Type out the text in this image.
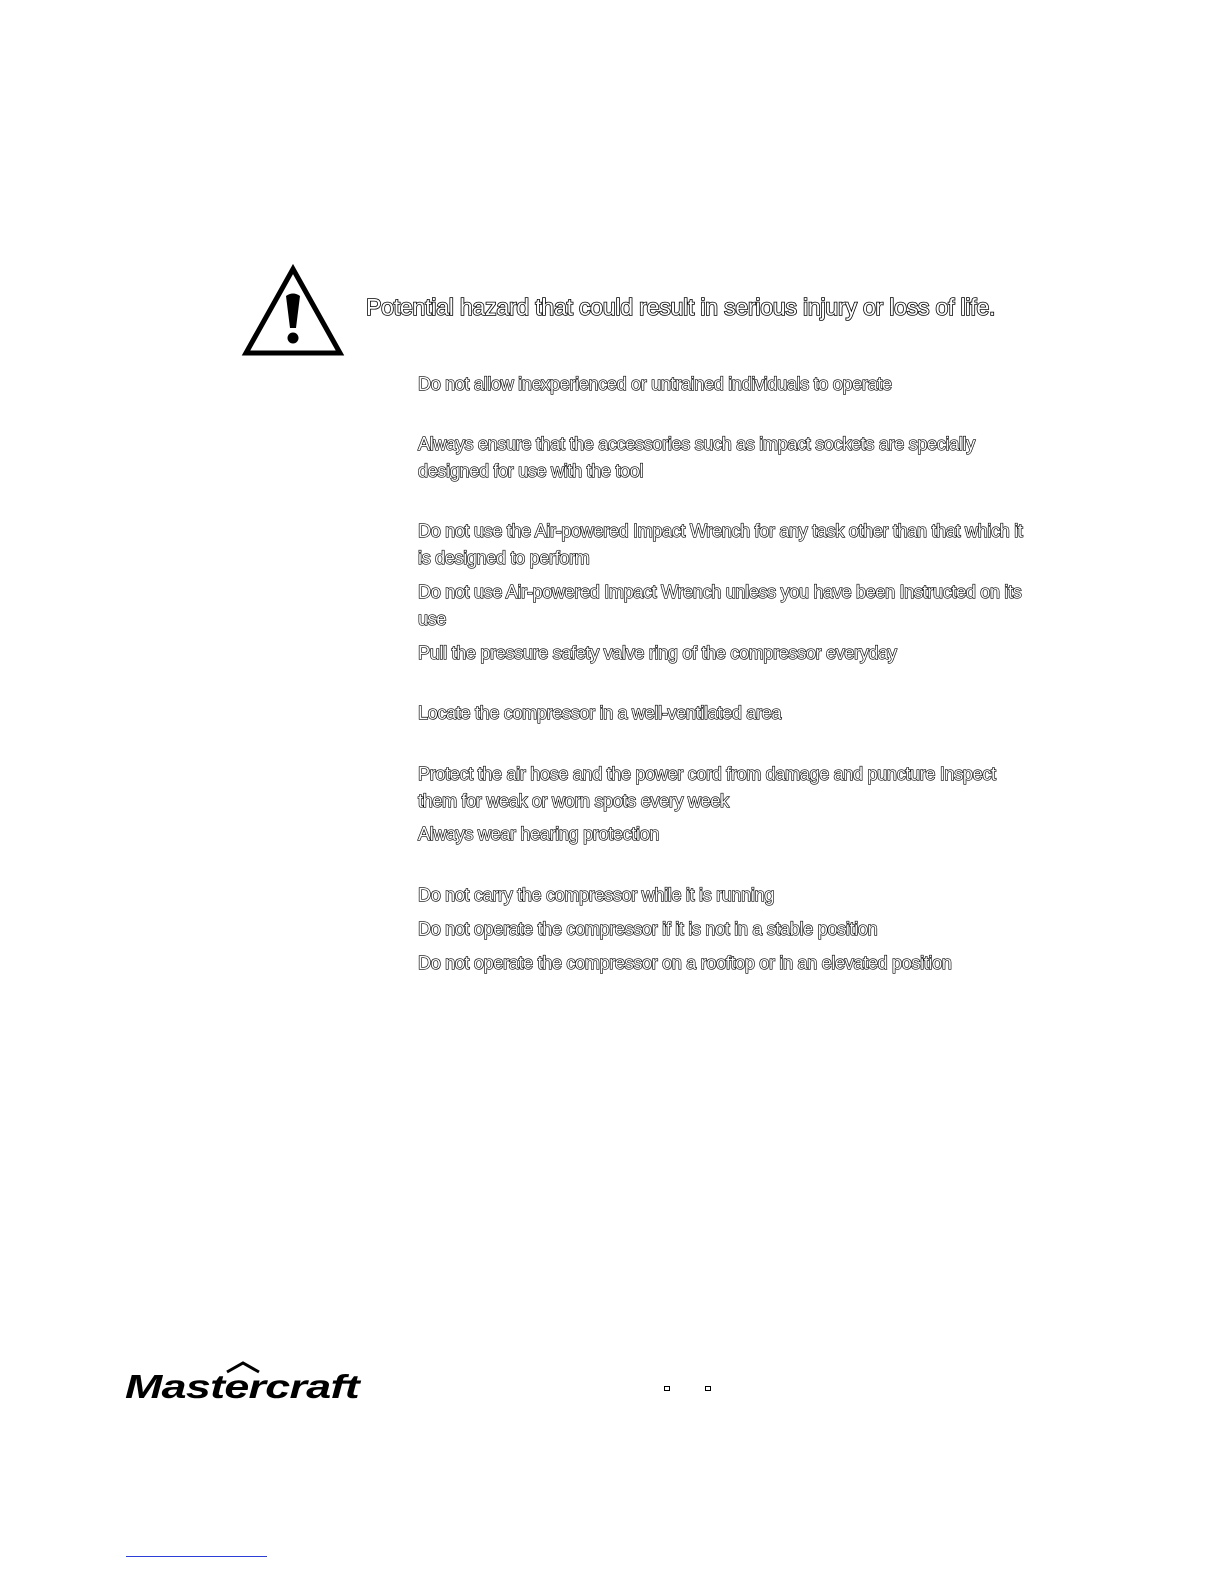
Potential hazard that could result in serious injury or loss of life.
Do not allow inexperienced or untrained individuals to operate
Always ensure that the accessories such as impact sockets are specially designed for use with the tool
Do not use the Air-powered Impact Wrench for any task other than that which it is designed to perform
Do not use Air-powered Impact Wrench unless you have been Instructed on its use
Pull the pressure safety valve ring of the compressor everyday
Locate the compressor in a well-ventilated area
Protect the air hose and the power cord from damage and puncture Inspect them for weak or worn spots every week
Always wear hearing protection
Do not carry the compressor while it is running
Do not operate the compressor if it is not in a stable position
Do not operate the compressor on a rooftop or in an elevated position
Mastercraft
